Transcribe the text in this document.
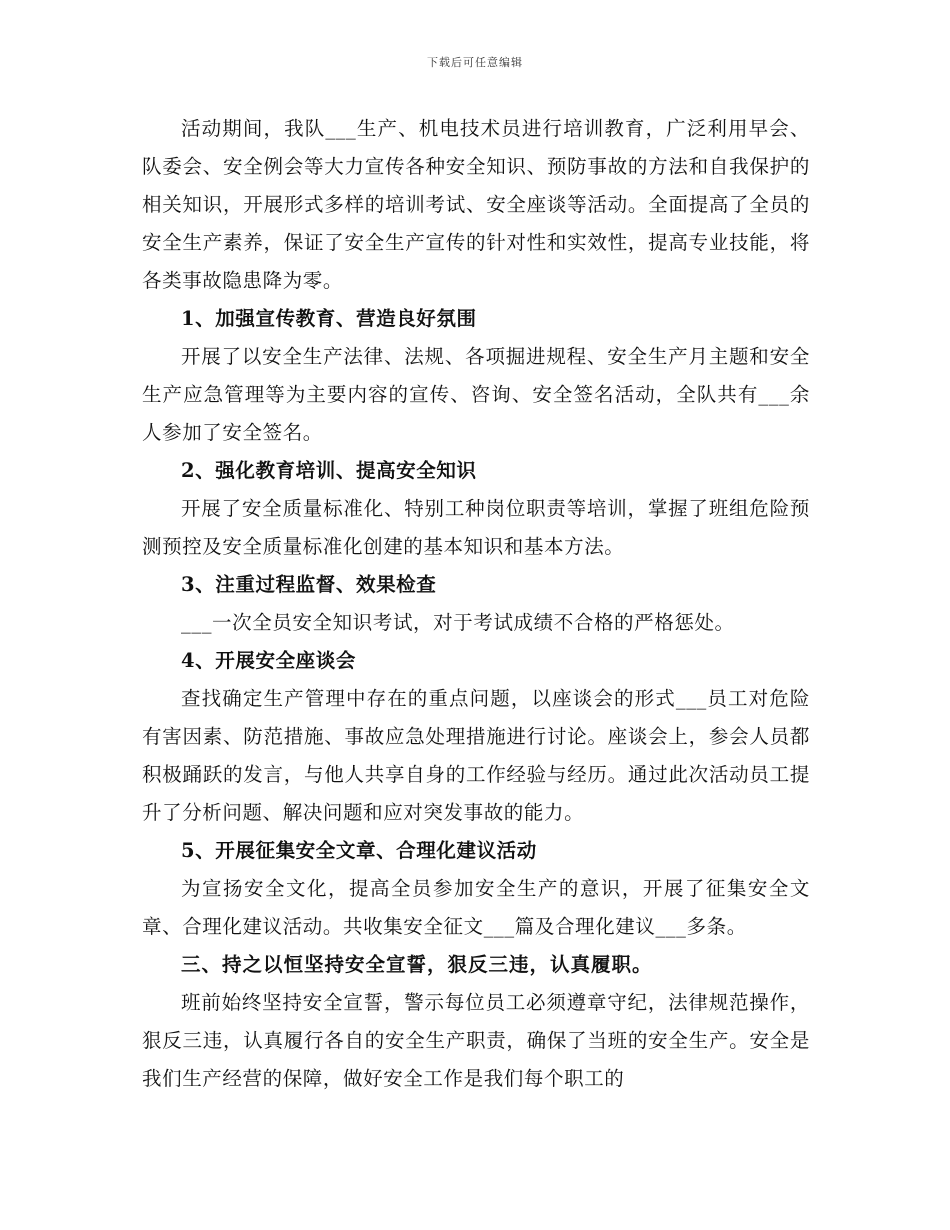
下载后可任意编辑

活动期间，我队___生产、机电技术员进行培训教育，广泛利用早会、队委会、安全例会等大力宣传各种安全知识、预防事故的方法和自我保护的相关知识，开展形式多样的培训考试、安全座谈等活动。全面提高了全员的安全生产素养，保证了安全生产宣传的针对性和实效性，提高专业技能，将各类事故隐患降为零。

1、加强宣传教育、营造良好氛围

开展了以安全生产法律、法规、各项掘进规程、安全生产月主题和安全生产应急管理等为主要内容的宣传、咨询、安全签名活动，全队共有___余人参加了安全签名。

2、强化教育培训、提高安全知识

开展了安全质量标准化、特别工种岗位职责等培训，掌握了班组危险预测预控及安全质量标准化创建的基本知识和基本方法。

3、注重过程监督、效果检查

___一次全员安全知识考试，对于考试成绩不合格的严格惩处。

4、开展安全座谈会

查找确定生产管理中存在的重点问题，以座谈会的形式___员工对危险有害因素、防范措施、事故应急处理措施进行讨论。座谈会上，参会人员都积极踊跃的发言，与他人共享自身的工作经验与经历。通过此次活动员工提升了分析问题、解决问题和应对突发事故的能力。

5、开展征集安全文章、合理化建议活动

为宣扬安全文化，提高全员参加安全生产的意识，开展了征集安全文章、合理化建议活动。共收集安全征文___篇及合理化建议___多条。

三、持之以恒坚持安全宣誓，狠反三违，认真履职。

班前始终坚持安全宣誓，警示每位员工必须遵章守纪，法律规范操作，狠反三违，认真履行各自的安全生产职责，确保了当班的安全生产。安全是我们生产经营的保障，做好安全工作是我们每个职工的
